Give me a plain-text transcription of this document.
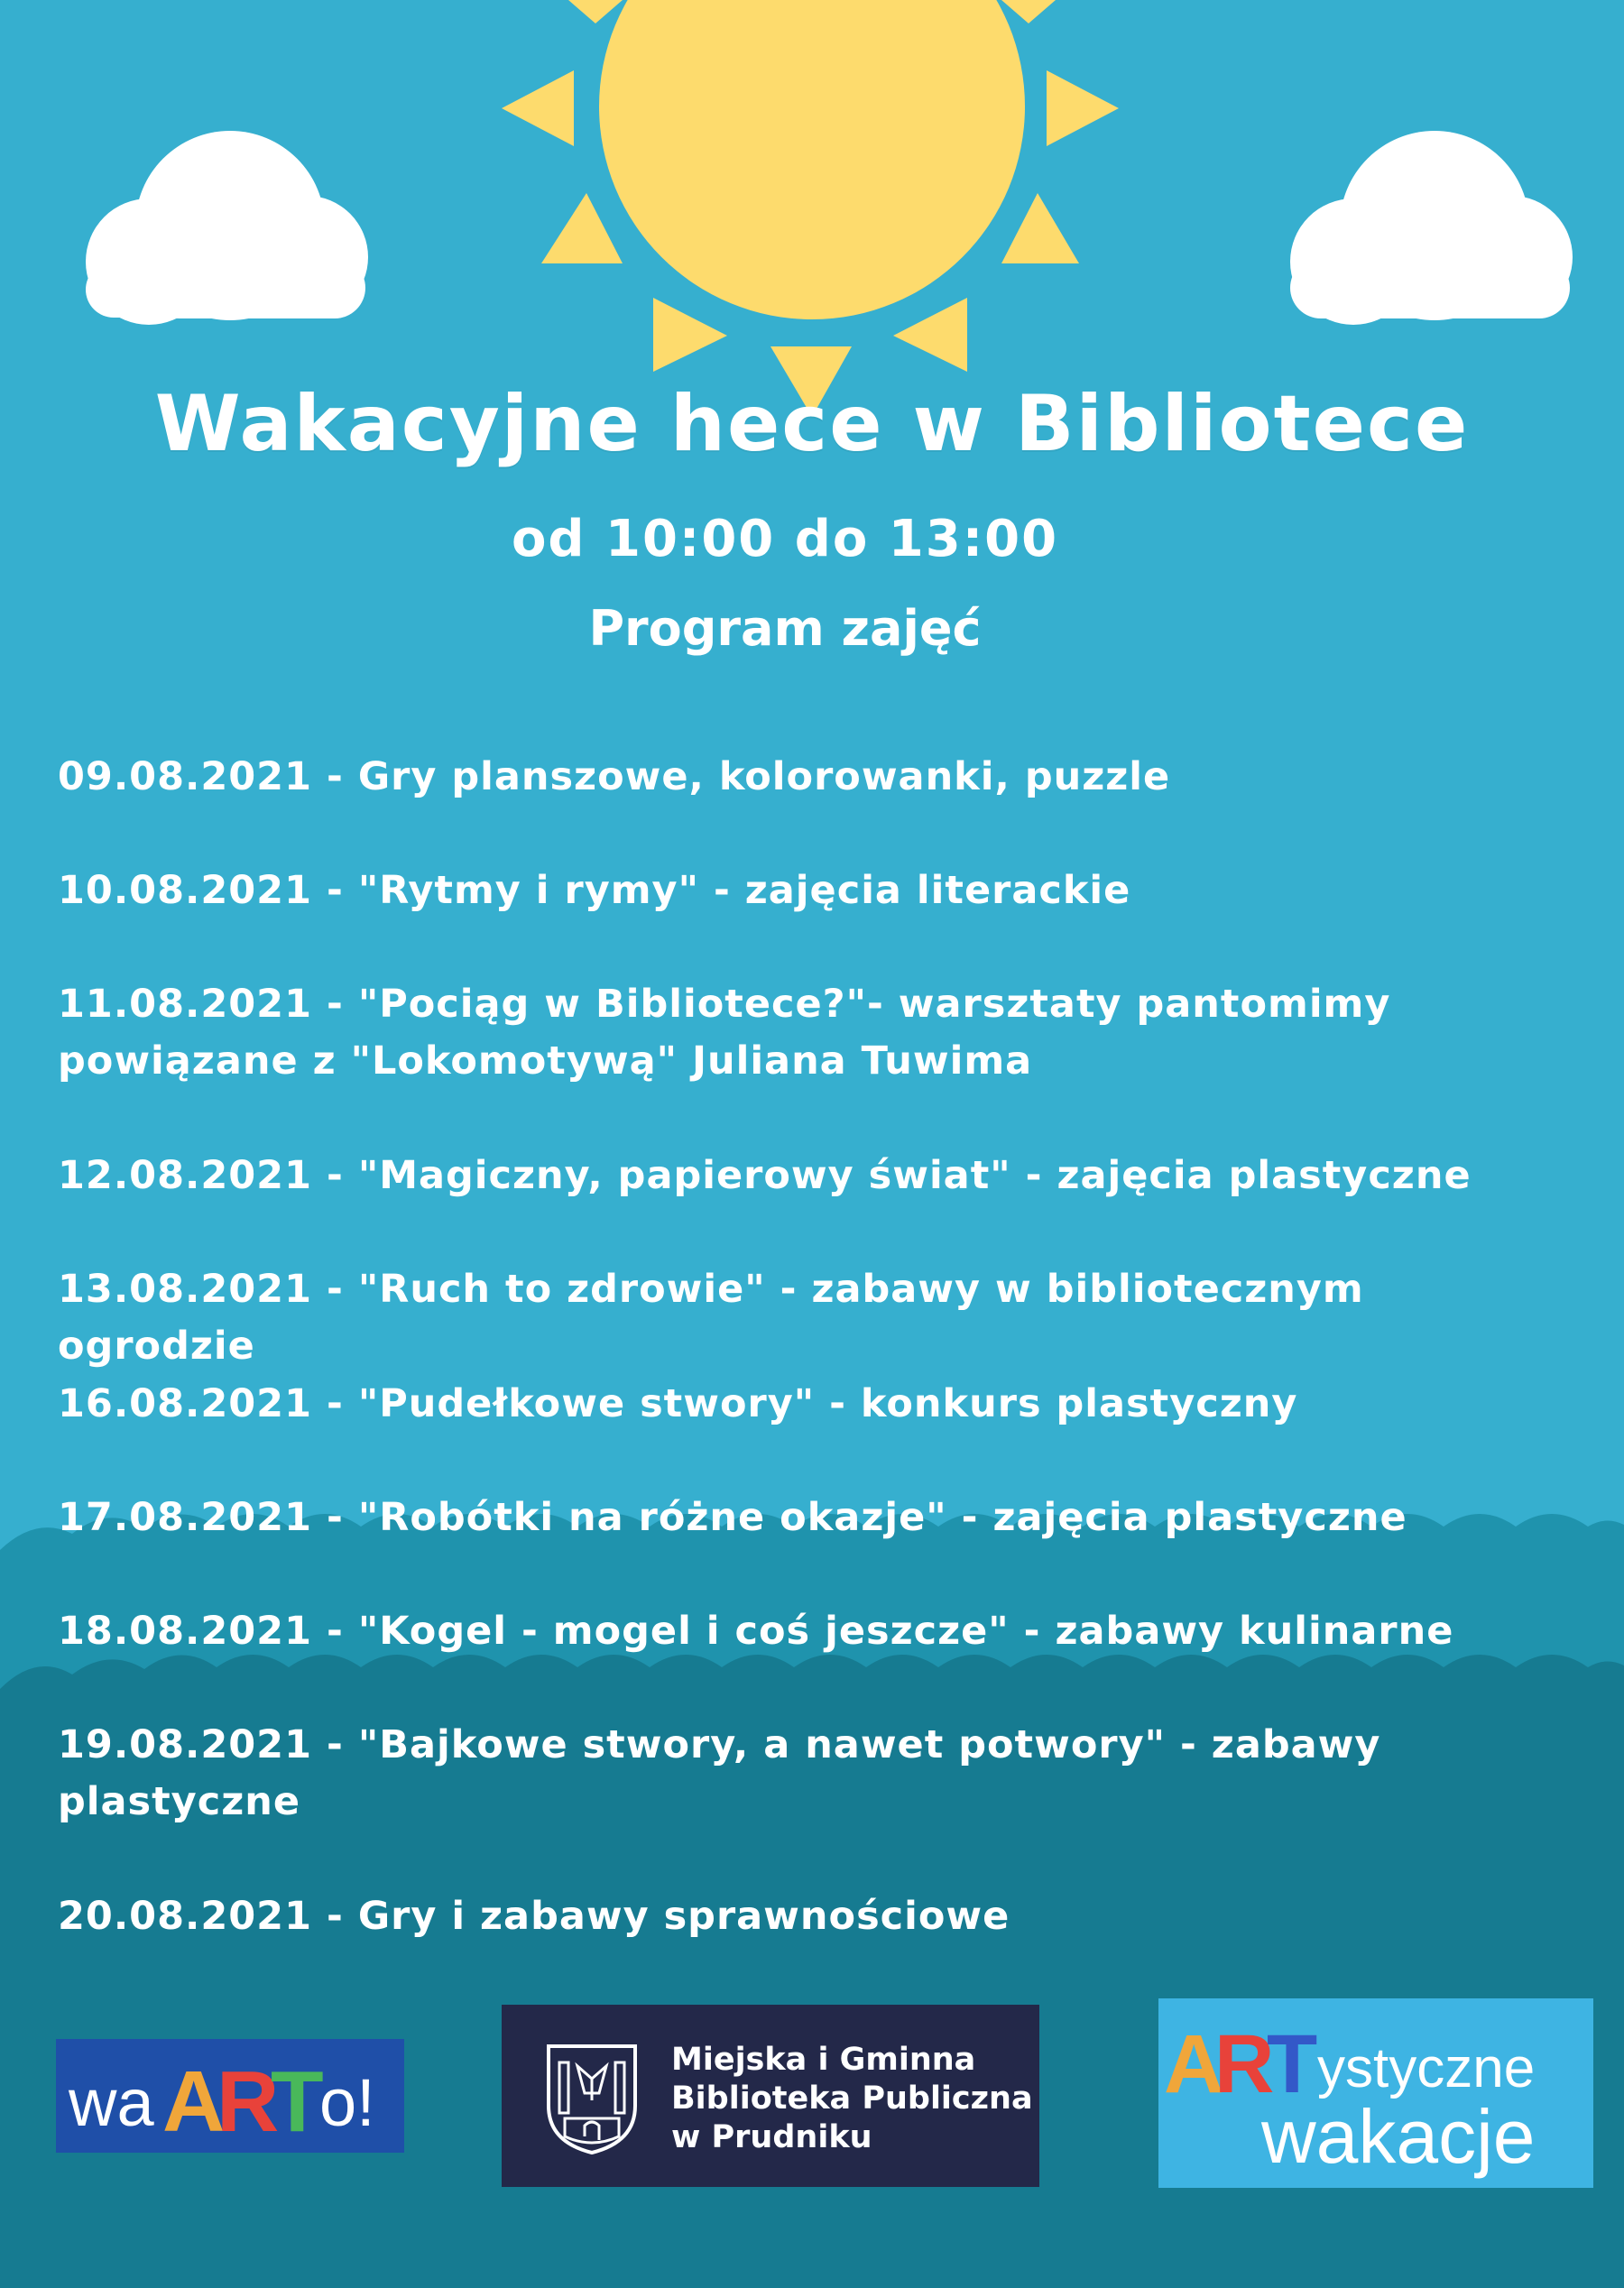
Wakacyjne hece w Bibliotece
od 10:00 do 13:00
Program zajęć
09.08.2021 - Gry planszowe, kolorowanki, puzzle
10.08.2021 - "Rytmy i rymy" - zajęcia literackie
11.08.2021 - "Pociąg w Bibliotece?"- warsztaty pantomimy
powiązane z "Lokomotywą" Juliana Tuwima
12.08.2021 - "Magiczny, papierowy świat" - zajęcia plastyczne
13.08.2021 - "Ruch to zdrowie" - zabawy w bibliotecznym ogrodzie
16.08.2021 - "Pudełkowe stwory" - konkurs plastyczny
17.08.2021 - "Robótki na różne okazje" - zajęcia plastyczne
18.08.2021 - "Kogel - mogel i coś jeszcze" - zabawy kulinarne
19.08.2021 - "Bajkowe stwory, a nawet potwory" - zabawy
plastyczne
20.08.2021 - Gry i zabawy sprawnościowe
wa A
R
T
o!
Miejska i Gminna
Biblioteka Publiczna
w Prudniku
A
R
T ystyczne
wakacje
